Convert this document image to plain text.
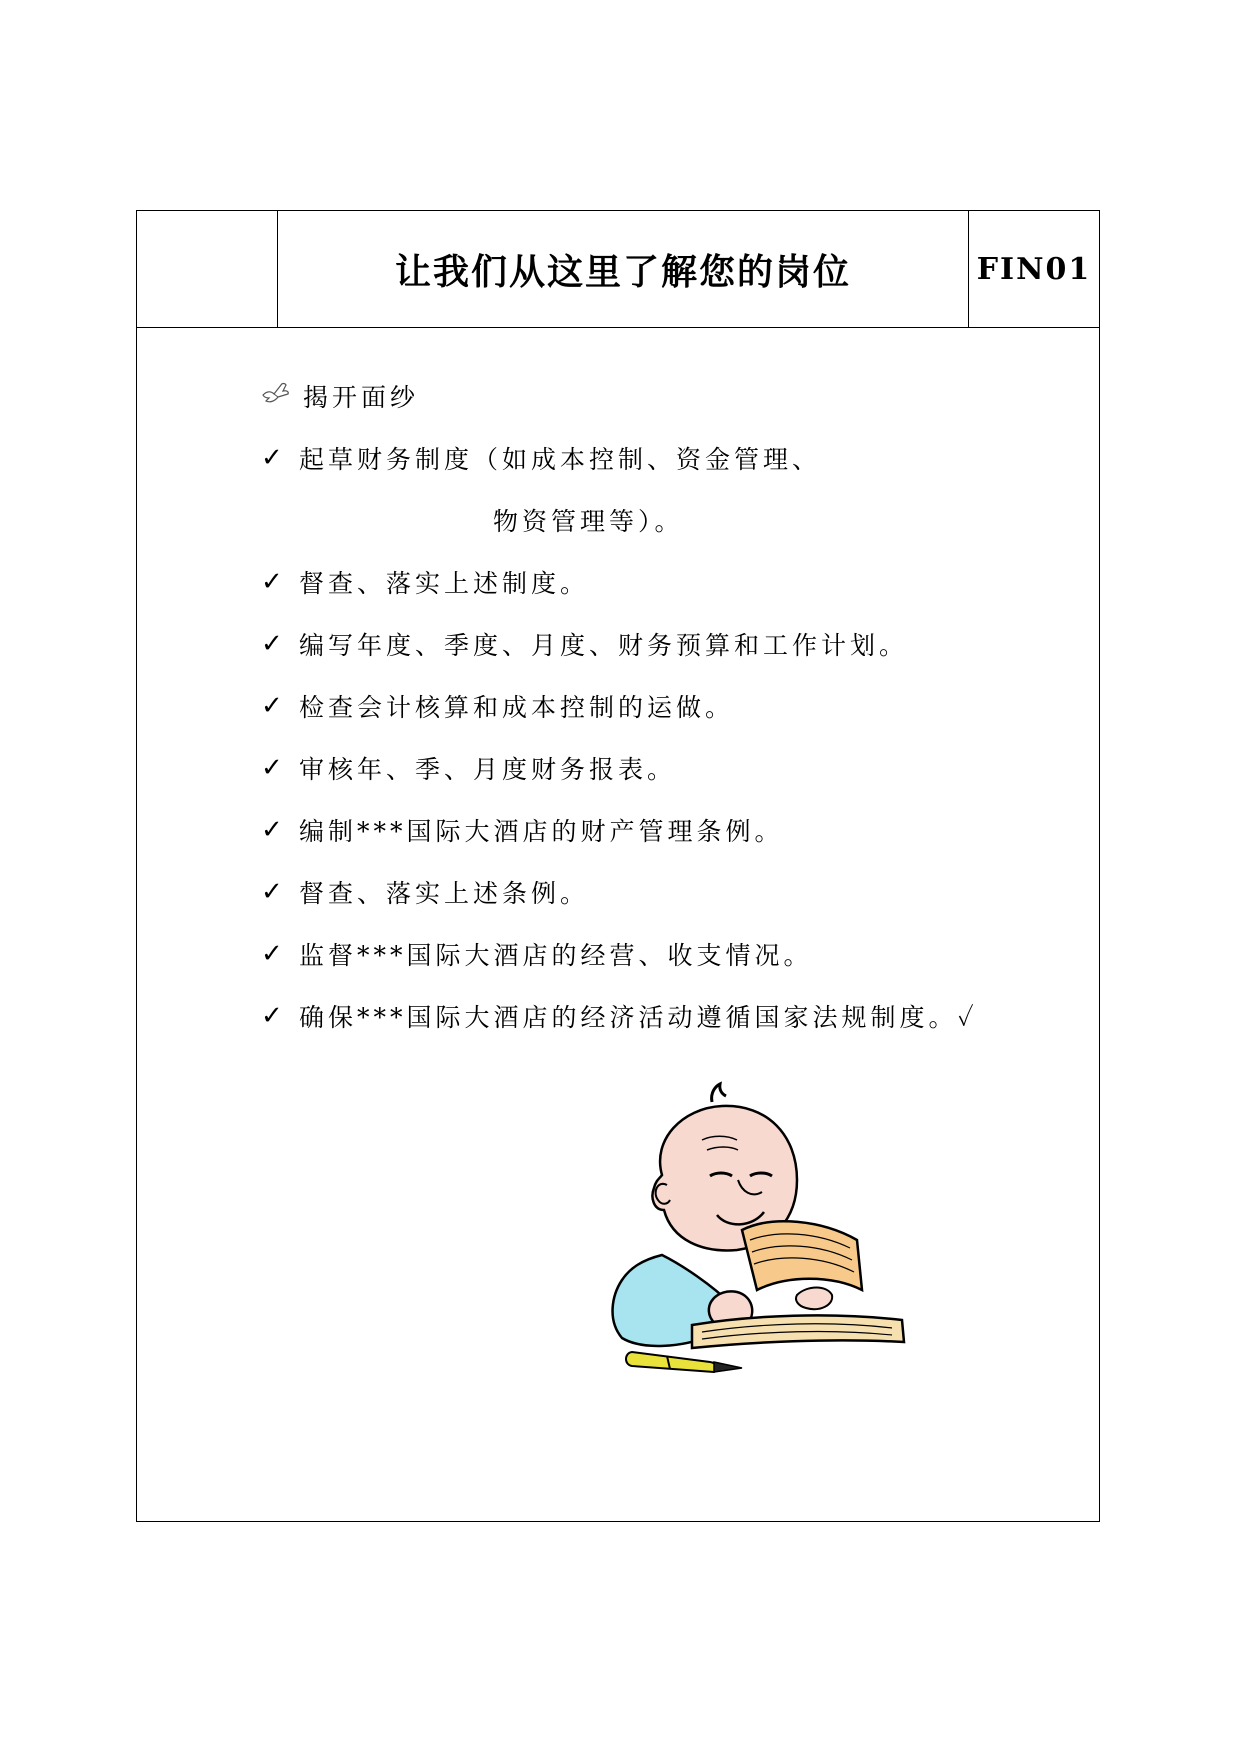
让我们从这里了解您的岗位	FIN01
揭开面纱
✓ 起草财务制度（如成本控制、资金管理、
物资管理等）。
✓ 督查、落实上述制度。
✓ 编写年度、季度、月度、财务预算和工作计划。
✓ 检查会计核算和成本控制的运做。
✓ 审核年、季、月度财务报表。
✓ 编制***国际大酒店的财产管理条例。
✓ 督查、落实上述条例。
✓ 监督***国际大酒店的经营、收支情况。
✓ 确保***国际大酒店的经济活动遵循国家法规制度。✓
